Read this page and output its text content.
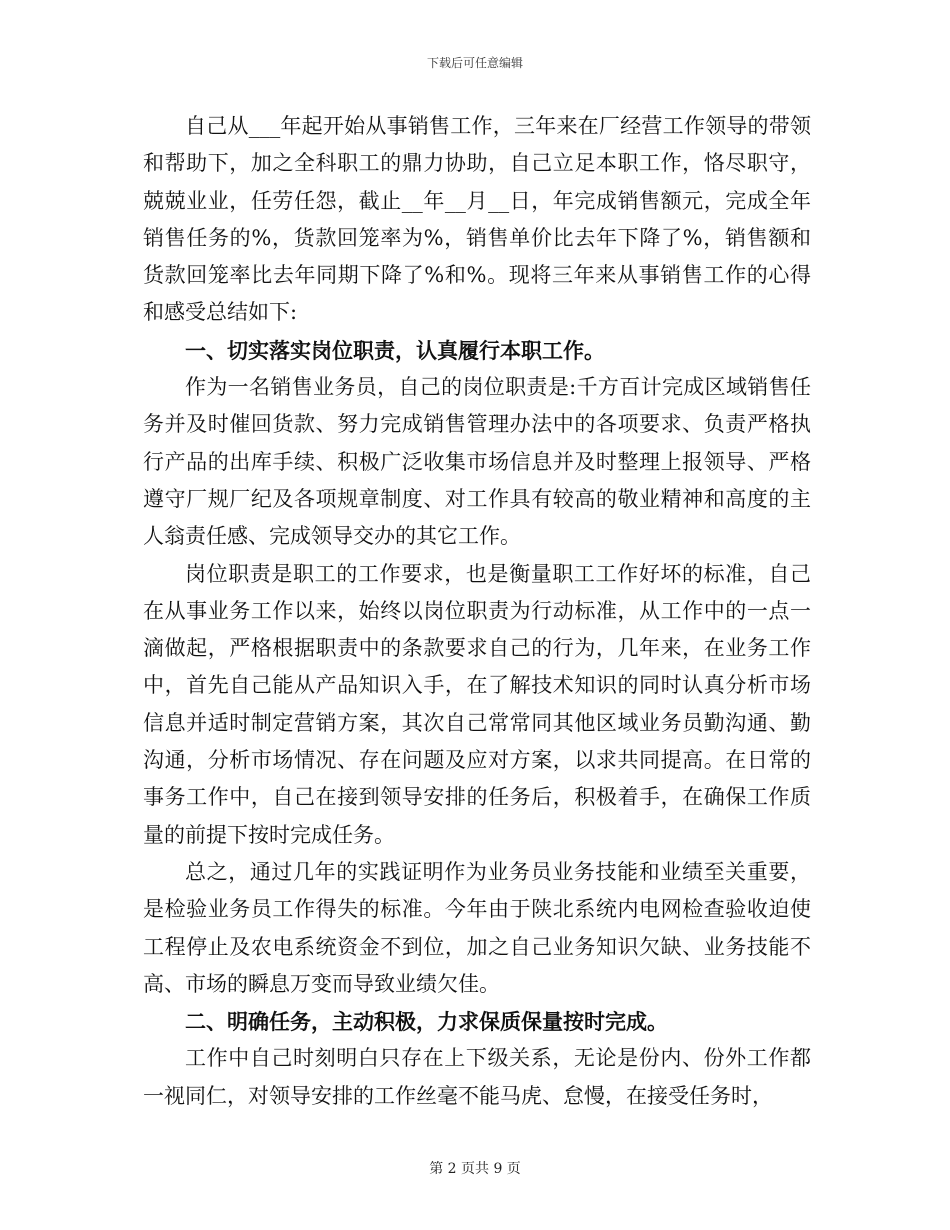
下载后可任意编辑

自己从___年起开始从事销售工作，三年来在厂经营工作领导的带领和帮助下，加之全科职工的鼎力协助，自己立足本职工作，恪尽职守，兢兢业业，任劳任怨，截止__年__月__日，年完成销售额元，完成全年销售任务的%，货款回笼率为%，销售单价比去年下降了%，销售额和货款回笼率比去年同期下降了%和%。现将三年来从事销售工作的心得和感受总结如下:

一、切实落实岗位职责，认真履行本职工作。

作为一名销售业务员，自己的岗位职责是:千方百计完成区域销售任务并及时催回货款、努力完成销售管理办法中的各项要求、负责严格执行产品的出库手续、积极广泛收集市场信息并及时整理上报领导、严格遵守厂规厂纪及各项规章制度、对工作具有较高的敬业精神和高度的主人翁责任感、完成领导交办的其它工作。

岗位职责是职工的工作要求，也是衡量职工工作好坏的标准，自己在从事业务工作以来，始终以岗位职责为行动标准，从工作中的一点一滴做起，严格根据职责中的条款要求自己的行为，几年来，在业务工作中，首先自己能从产品知识入手，在了解技术知识的同时认真分析市场信息并适时制定营销方案，其次自己常常同其他区域业务员勤沟通、勤沟通，分析市场情况、存在问题及应对方案，以求共同提高。在日常的事务工作中，自己在接到领导安排的任务后，积极着手，在确保工作质量的前提下按时完成任务。

总之，通过几年的实践证明作为业务员业务技能和业绩至关重要，是检验业务员工作得失的标准。今年由于陕北系统内电网检查验收迫使工程停止及农电系统资金不到位，加之自己业务知识欠缺、业务技能不高、市场的瞬息万变而导致业绩欠佳。

二、明确任务，主动积极，力求保质保量按时完成。

工作中自己时刻明白只存在上下级关系，无论是份内、份外工作都一视同仁，对领导安排的工作丝毫不能马虎、怠慢，在接受任务时，

第 2 页共 9 页
